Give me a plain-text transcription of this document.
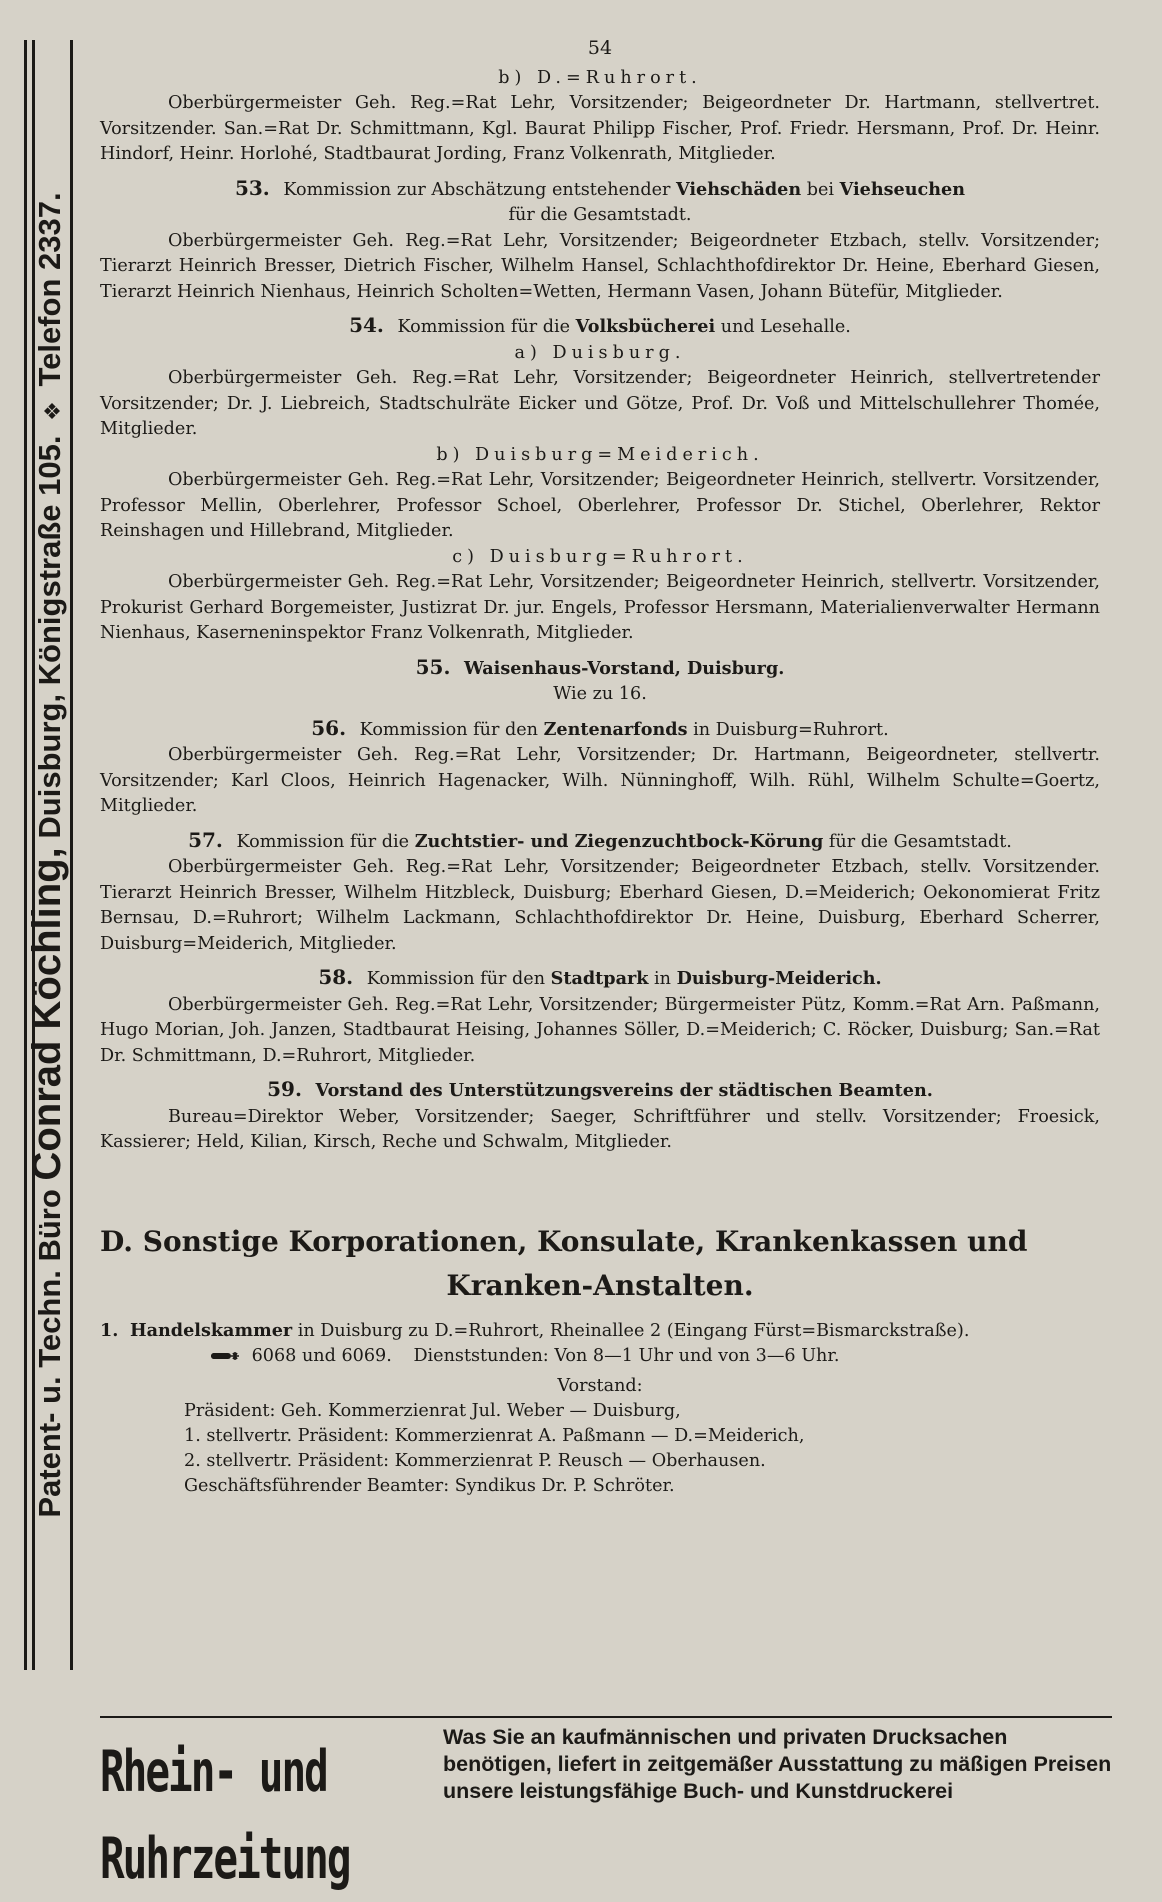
Patent- u. Techn. Büro Conrad Köchling, Duisburg, Königstraße 105. ❖ Telefon 2337.
54
b) D.=Ruhrort.

Oberbürgermeister Geh. Reg.=Rat Lehr, Vorsitzender; Beigeordneter Dr. Hartmann, stellvertret. Vorsitzender. San.=Rat Dr. Schmittmann, Kgl. Baurat Philipp Fischer, Prof. Friedr. Hersmann, Prof. Dr. Heinr. Hindorf, Heinr. Horlohé, Stadtbaurat Jording, Franz Volkenrath, Mitglieder.

53. Kommission zur Abschätzung entstehender Viehschäden bei Viehseuchen
für die Gesamtstadt.

Oberbürgermeister Geh. Reg.=Rat Lehr, Vorsitzender; Beigeordneter Etzbach, stellv. Vorsitzender; Tierarzt Heinrich Bresser, Dietrich Fischer, Wilhelm Hansel, Schlachthofdirektor Dr. Heine, Eberhard Giesen, Tierarzt Heinrich Nienhaus, Heinrich Scholten=Wetten, Hermann Vasen, Johann Bütefür, Mitglieder.

54. Kommission für die Volksbücherei und Lesehalle.
a) Duisburg.

Oberbürgermeister Geh. Reg.=Rat Lehr, Vorsitzender; Beigeordneter Heinrich, stellvertretender Vorsitzender; Dr. J. Liebreich, Stadtschulräte Eicker und Götze, Prof. Dr. Voß und Mittelschullehrer Thomée, Mitglieder.

b) Duisburg=Meiderich.

Oberbürgermeister Geh. Reg.=Rat Lehr, Vorsitzender; Beigeordneter Heinrich, stellvertr. Vorsitzender, Professor Mellin, Oberlehrer, Professor Schoel, Oberlehrer, Professor Dr. Stichel, Oberlehrer, Rektor Reinshagen und Hillebrand, Mitglieder.

c) Duisburg=Ruhrort.

Oberbürgermeister Geh. Reg.=Rat Lehr, Vorsitzender; Beigeordneter Heinrich, stellvertr. Vorsitzender, Prokurist Gerhard Borgemeister, Justizrat Dr. jur. Engels, Professor Hersmann, Materialienverwalter Hermann Nienhaus, Kaserneninspektor Franz Volkenrath, Mitglieder.

55. Waisenhaus-Vorstand, Duisburg.
Wie zu 16.
56. Kommission für den Zentenarfonds in Duisburg=Ruhrort.

Oberbürgermeister Geh. Reg.=Rat Lehr, Vorsitzender; Dr. Hartmann, Beigeordneter, stellvertr. Vorsitzender; Karl Cloos, Heinrich Hagenacker, Wilh. Nünninghoff, Wilh. Rühl, Wilhelm Schulte=Goertz, Mitglieder.

57. Kommission für die Zuchtstier- und Ziegenzuchtbock-Körung für die Gesamtstadt.

Oberbürgermeister Geh. Reg.=Rat Lehr, Vorsitzender; Beigeordneter Etzbach, stellv. Vorsitzender. Tierarzt Heinrich Bresser, Wilhelm Hitzbleck, Duisburg; Eberhard Giesen, D.=Meiderich; Oekonomierat Fritz Bernsau, D.=Ruhrort; Wilhelm Lackmann, Schlachthofdirektor Dr. Heine, Duisburg, Eberhard Scherrer, Duisburg=Meiderich, Mitglieder.

58. Kommission für den Stadtpark in Duisburg-Meiderich.

Oberbürgermeister Geh. Reg.=Rat Lehr, Vorsitzender; Bürgermeister Pütz, Komm.=Rat Arn. Paßmann, Hugo Morian, Joh. Janzen, Stadtbaurat Heising, Johannes Söller, D.=Meiderich; C. Röcker, Duisburg; San.=Rat Dr. Schmittmann, D.=Ruhrort, Mitglieder.

59. Vorstand des Unterstützungsvereins der städtischen Beamten.

Bureau=Direktor Weber, Vorsitzender; Saeger, Schriftführer und stellv. Vorsitzender; Froesick, Kassierer; Held, Kilian, Kirsch, Reche und Schwalm, Mitglieder.

D. Sonstige Korporationen, Konsulate, Krankenkassen und
Kranken-Anstalten.
1. Handelskammer in Duisburg zu D.=Ruhrort, Rheinallee 2 (Eingang Fürst=Bismarckstraße).
6068 und 6069. Dienststunden: Von 8—1 Uhr und von 3—6 Uhr.
Vorstand:
Präsident: Geh. Kommerzienrat Jul. Weber — Duisburg,
1. stellvertr. Präsident: Kommerzienrat A. Paßmann — D.=Meiderich,
2. stellvertr. Präsident: Kommerzienrat P. Reusch — Oberhausen.
Geschäftsführender Beamter: Syndikus Dr. P. Schröter.
Rhein- und Ruhrzeitung
Was Sie an kaufmännischen und privaten Drucksachen benötigen, liefert in zeitgemäßer Ausstattung zu mäßigen Preisen unsere leistungsfähige Buch- und Kunstdruckerei
